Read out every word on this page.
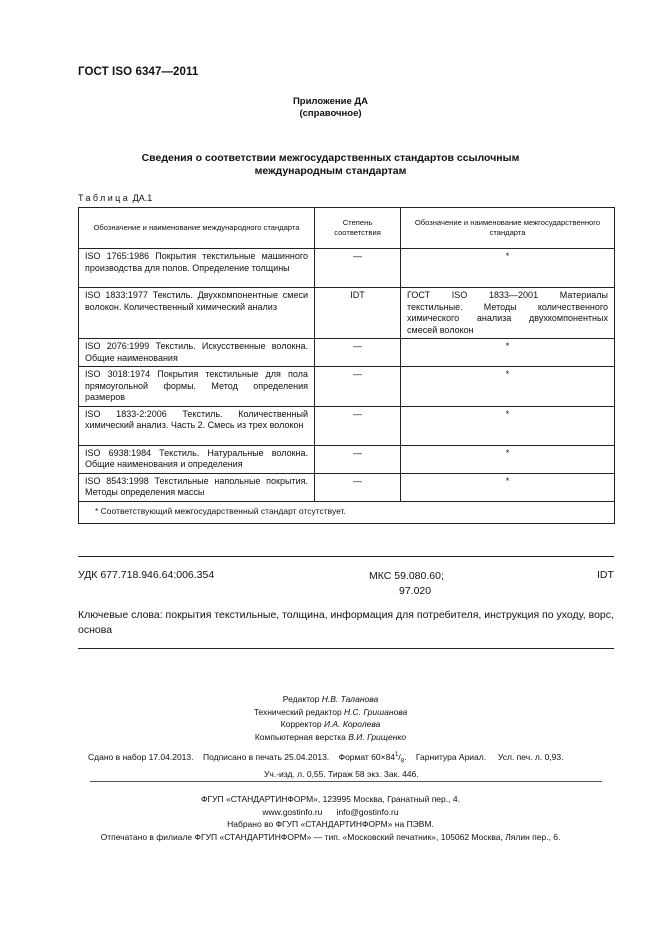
ГОСТ ISO 6347—2011
Приложение ДА
(справочное)
Сведения о соответствии межгосударственных стандартов ссылочным
международным стандартам
Таблица ДА.1
Обозначение и наименование международного стандарта	Степень соответствия	Обозначение и наименование межгосударственного стандарта
ISO 1765:1986 Покрытия текстильные машинного производства для полов. Определение толщины	—	*
ISO 1833:1977 Текстиль. Двухкомпонентные смеси волокон. Количественный химический анализ	IDT	ГОСТ ISO 1833—2001 Материалы текстильные. Методы количественного химического анализа двухкомпонентных смесей волокон
ISO 2076:1999 Текстиль. Искусственные волокна. Общие наименования	—	*
ISO 3018:1974 Покрытия текстильные для пола прямоугольной формы. Метод определения размеров	—	*
ISO 1833-2:2006 Текстиль. Количественный химический анализ. Часть 2. Смесь из трех волокон	—	*
ISO 6938:1984 Текстиль. Натуральные волокна. Общие наименования и определения	—	*
ISO 8543:1998 Текстильные напольные покрытия. Методы определения массы	—	*
* Соответствующий межгосударственный стандарт отсутствует.		
УДК 677.718.946.64:006.354	МКС 59.080.60;
97.020
IDT
Ключевые слова: покрытия текстильные, толщина, информация для потребителя, инструкция по уходу, ворс, основа
Редактор Н.В. Таланова
Технический редактор Н.С. Гришанова
Корректор И.А. Королева
Компьютерная верстка В.И. Грищенко
Сдано в набор 17.04.2013. Подписано в печать 25.04.2013. Формат $60\times 84^1/_8$.    Гарнитура Ариал. Усл. печ. л. 0,93.
Уч.-изд. л. 0,55. Тираж 58 экз. Зак. 446.
ФГУП «СТАНДАРТИНФОРМ», 123995 Москва, Гранатный пер., 4.
www.gostinfo.ru info@gostinfo.ru
Набрано во ФГУП «СТАНДАРТИНФОРМ» на ПЭВМ.
Отпечатано в филиале ФГУП «СТАНДАРТИНФОРМ» — тип. «Московский печатник», 105062 Москва, Лялин пер., 6.
